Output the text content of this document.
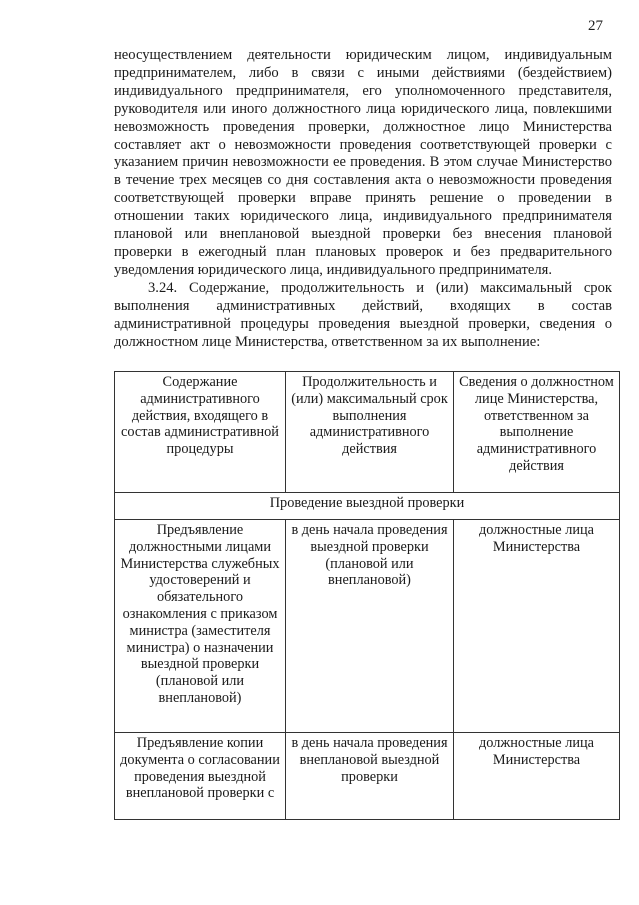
27

неосуществлением деятельности юридическим лицом, индивидуальным предпринимателем, либо в связи с иными действиями (бездействием) индивидуального предпринимателя, его уполномоченного представителя, руководителя или иного должностного лица юридического лица, повлекшими невозможность проведения проверки, должностное лицо Министерства составляет акт о невозможности проведения соответствующей проверки с указанием причин невозможности ее проведения. В этом случае Министерство в течение трех месяцев со дня составления акта о невозможности проведения соответствующей проверки вправе принять решение о проведении в отношении таких юридического лица, индивидуального предпринимателя плановой или внеплановой выездной проверки без внесения плановой проверки в ежегодный план плановых проверок и без предварительного уведомления юридического лица, индивидуального предпринимателя.

3.24. Содержание, продолжительность и (или) максимальный срок выполнения административных действий, входящих в состав административной процедуры проведения выездной проверки, сведения о должностном лице Министерства, ответственном за их выполнение:

Содержание административного действия, входящего в состав административной процедуры	Продолжительность и (или) максимальный срок выполнения административного действия	Сведения о должностном лице Министерства, ответственном за выполнение административного действия
Проведение выездной проверки		
Предъявление должностными лицами Министерства служебных удостоверений и обязательного ознакомления с приказом министра (заместителя министра) о назначении выездной проверки (плановой или внеплановой)	в день начала проведения выездной проверки (плановой или внеплановой)	должностные лица Министерства
Предъявление копии документа о согласовании проведения выездной внеплановой проверки с	в день начала проведения внеплановой выездной проверки	должностные лица Министерства
